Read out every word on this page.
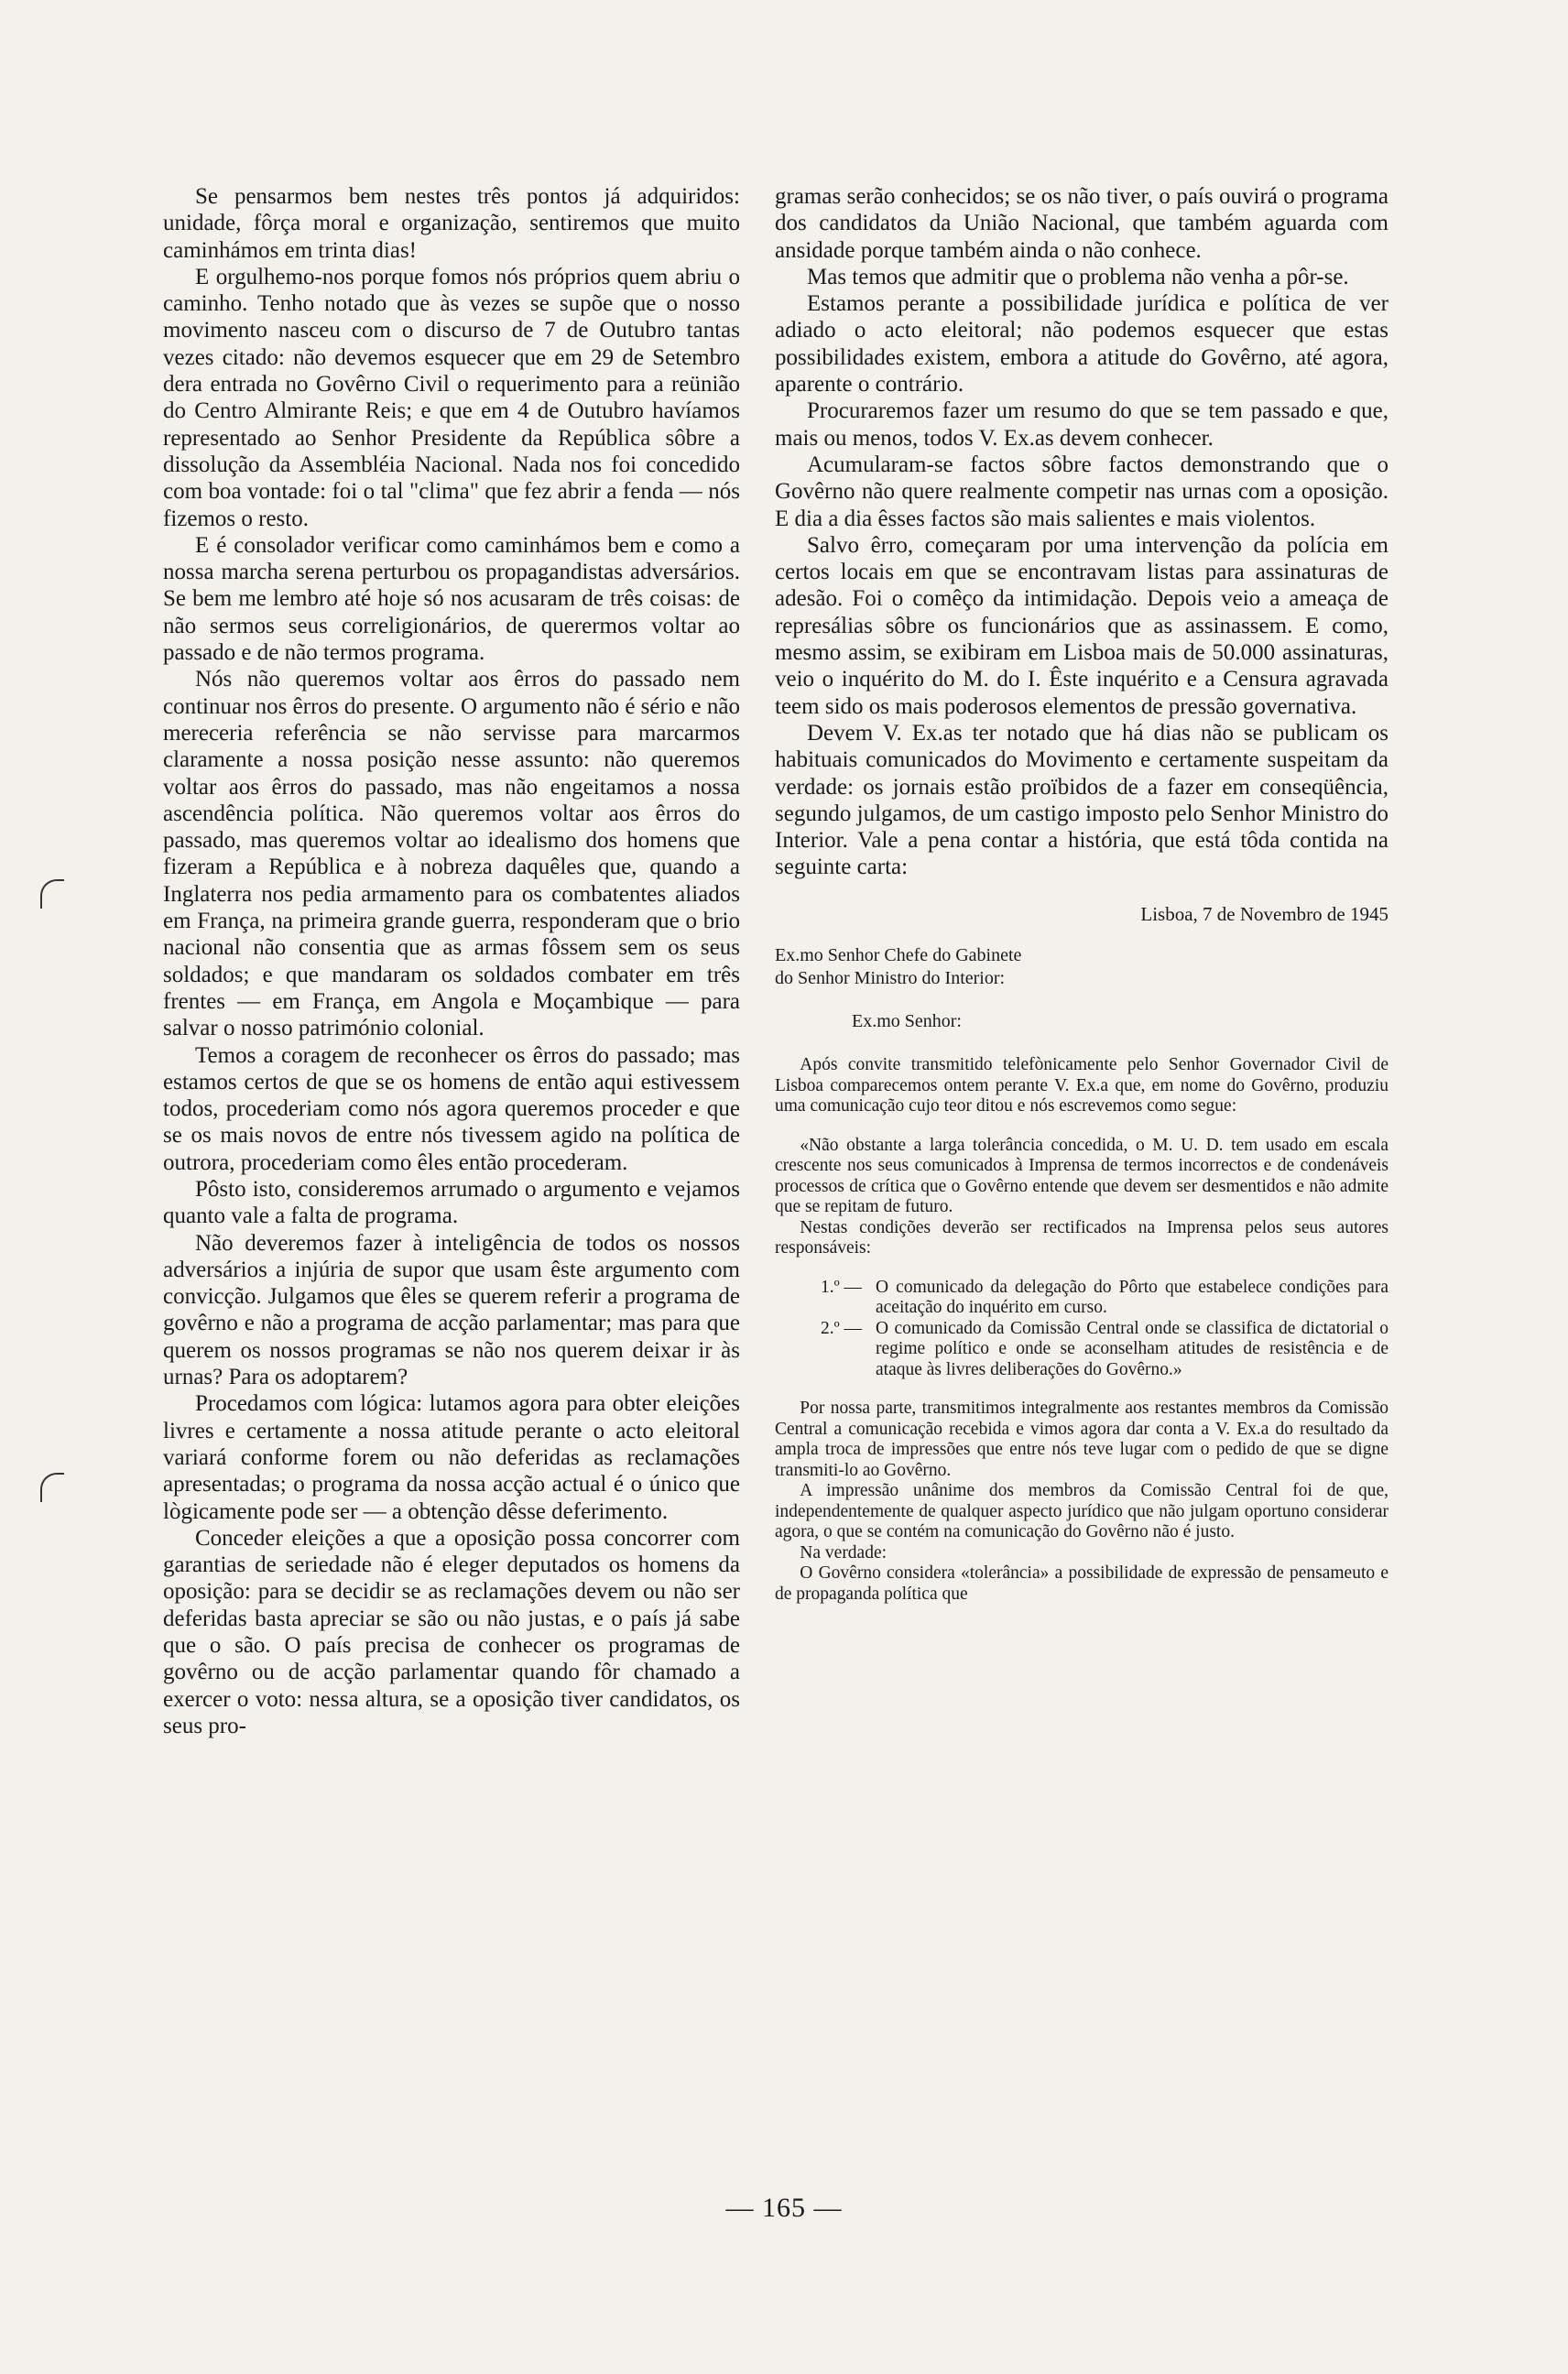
Se pensarmos bem nestes três pontos já adquiridos: unidade, fôrça moral e organização, sentiremos que muito caminhámos em trinta dias!

E orgulhemo-nos porque fomos nós próprios quem abriu o caminho. Tenho notado que às vezes se supõe que o nosso movimento nasceu com o discurso de 7 de Outubro tantas vezes citado: não devemos esquecer que em 29 de Setembro dera entrada no Govêrno Civil o requerimento para a reünião do Centro Almirante Reis; e que em 4 de Outubro havíamos representado ao Senhor Presidente da República sôbre a dissolução da Assembléia Nacional. Nada nos foi concedido com boa vontade: foi o tal "clima" que fez abrir a fenda — nós fizemos o resto.

E é consolador verificar como caminhámos bem e como a nossa marcha serena perturbou os propagandistas adversários. Se bem me lembro até hoje só nos acusaram de três coisas: de não sermos seus correligionários, de querermos voltar ao passado e de não termos programa.

Nós não queremos voltar aos êrros do passado nem continuar nos êrros do presente. O argumento não é sério e não mereceria referência se não servisse para marcarmos claramente a nossa posição nesse assunto: não queremos voltar aos êrros do passado, mas não engeitamos a nossa ascendência política. Não queremos voltar aos êrros do passado, mas queremos voltar ao idealismo dos homens que fizeram a República e à nobreza daquêles que, quando a Inglaterra nos pedia armamento para os combatentes aliados em França, na primeira grande guerra, responderam que o brio nacional não consentia que as armas fôssem sem os seus soldados; e que mandaram os soldados combater em três frentes — em França, em Angola e Moçambique — para salvar o nosso património colonial.

Temos a coragem de reconhecer os êrros do passado; mas estamos certos de que se os homens de então aqui estivessem todos, procederiam como nós agora queremos proceder e que se os mais novos de entre nós tivessem agido na política de outrora, procederiam como êles então procederam.

Pôsto isto, consideremos arrumado o argumento e vejamos quanto vale a falta de programa.

Não deveremos fazer à inteligência de todos os nossos adversários a injúria de supor que usam êste argumento com convicção. Julgamos que êles se querem referir a programa de govêrno e não a programa de acção parlamentar; mas para que querem os nossos programas se não nos querem deixar ir às urnas? Para os adoptarem?

Procedamos com lógica: lutamos agora para obter eleições livres e certamente a nossa atitude perante o acto eleitoral variará conforme forem ou não deferidas as reclamações apresentadas; o programa da nossa acção actual é o único que lògicamente pode ser — a obtenção dêsse deferimento.

Conceder eleições a que a oposição possa concorrer com garantias de seriedade não é eleger deputados os homens da oposição: para se decidir se as reclamações devem ou não ser deferidas basta apreciar se são ou não justas, e o país já sabe que o são. O país precisa de conhecer os programas de govêrno ou de acção parlamentar quando fôr chamado a exercer o voto: nessa altura, se a oposição tiver candidatos, os seus pro-

gramas serão conhecidos; se os não tiver, o país ouvirá o programa dos candidatos da União Nacional, que também aguarda com ansidade porque também ainda o não conhece.

Mas temos que admitir que o problema não venha a pôr-se.

Estamos perante a possibilidade jurídica e política de ver adiado o acto eleitoral; não podemos esquecer que estas possibilidades existem, embora a atitude do Govêrno, até agora, aparente o contrário.

Procuraremos fazer um resumo do que se tem passado e que, mais ou menos, todos V. Ex.as devem conhecer.

Acumularam-se factos sôbre factos demonstrando que o Govêrno não quere realmente competir nas urnas com a oposição. E dia a dia êsses factos são mais salientes e mais violentos.

Salvo êrro, começaram por uma intervenção da polícia em certos locais em que se encontravam listas para assinaturas de adesão. Foi o comêço da intimidação. Depois veio a ameaça de represálias sôbre os funcionários que as assinassem. E como, mesmo assim, se exibiram em Lisboa mais de 50.000 assinaturas, veio o inquérito do M. do I. Êste inquérito e a Censura agravada teem sido os mais poderosos elementos de pressão governativa.

Devem V. Ex.as ter notado que há dias não se publicam os habituais comunicados do Movimento e certamente suspeitam da verdade: os jornais estão proïbidos de a fazer em conseqüência, segundo julgamos, de um castigo imposto pelo Senhor Ministro do Interior. Vale a pena contar a história, que está tôda contida na seguinte carta:

Lisboa, 7 de Novembro de 1945
Ex.mo Senhor Chefe do Gabinete
do Senhor Ministro do Interior:
Ex.mo Senhor:

Após convite transmitido telefònicamente pelo Senhor Governador Civil de Lisboa comparecemos ontem perante V. Ex.a que, em nome do Govêrno, produziu uma comunicação cujo teor ditou e nós escrevemos como segue:

«Não obstante a larga tolerância concedida, o M. U. D. tem usado em escala crescente nos seus comunicados à Imprensa de termos incorrectos e de condenáveis processos de crítica que o Govêrno entende que devem ser desmentidos e não admite que se repitam de futuro.

Nestas condições deverão ser rectificados na Imprensa pelos seus autores responsáveis:

1.º — O comunicado da delegação do Pôrto que estabelece condições para aceitação do inquérito em curso.
2.º — O comunicado da Comissão Central onde se classifica de dictatorial o regime político e onde se aconselham atitudes de resistência e de ataque às livres deliberações do Govêrno.»

Por nossa parte, transmitimos integralmente aos restantes membros da Comissão Central a comunicação recebida e vimos agora dar conta a V. Ex.a do resultado da ampla troca de impressões que entre nós teve lugar com o pedido de que se digne transmiti-lo ao Govêrno.

A impressão unânime dos membros da Comissão Central foi de que, independentemente de qualquer aspecto jurídico que não julgam oportuno considerar agora, o que se contém na comunicação do Govêrno não é justo.

Na verdade:

O Govêrno considera «tolerância» a possibilidade de expressão de pensameuto e de propaganda política que

— 165 —
